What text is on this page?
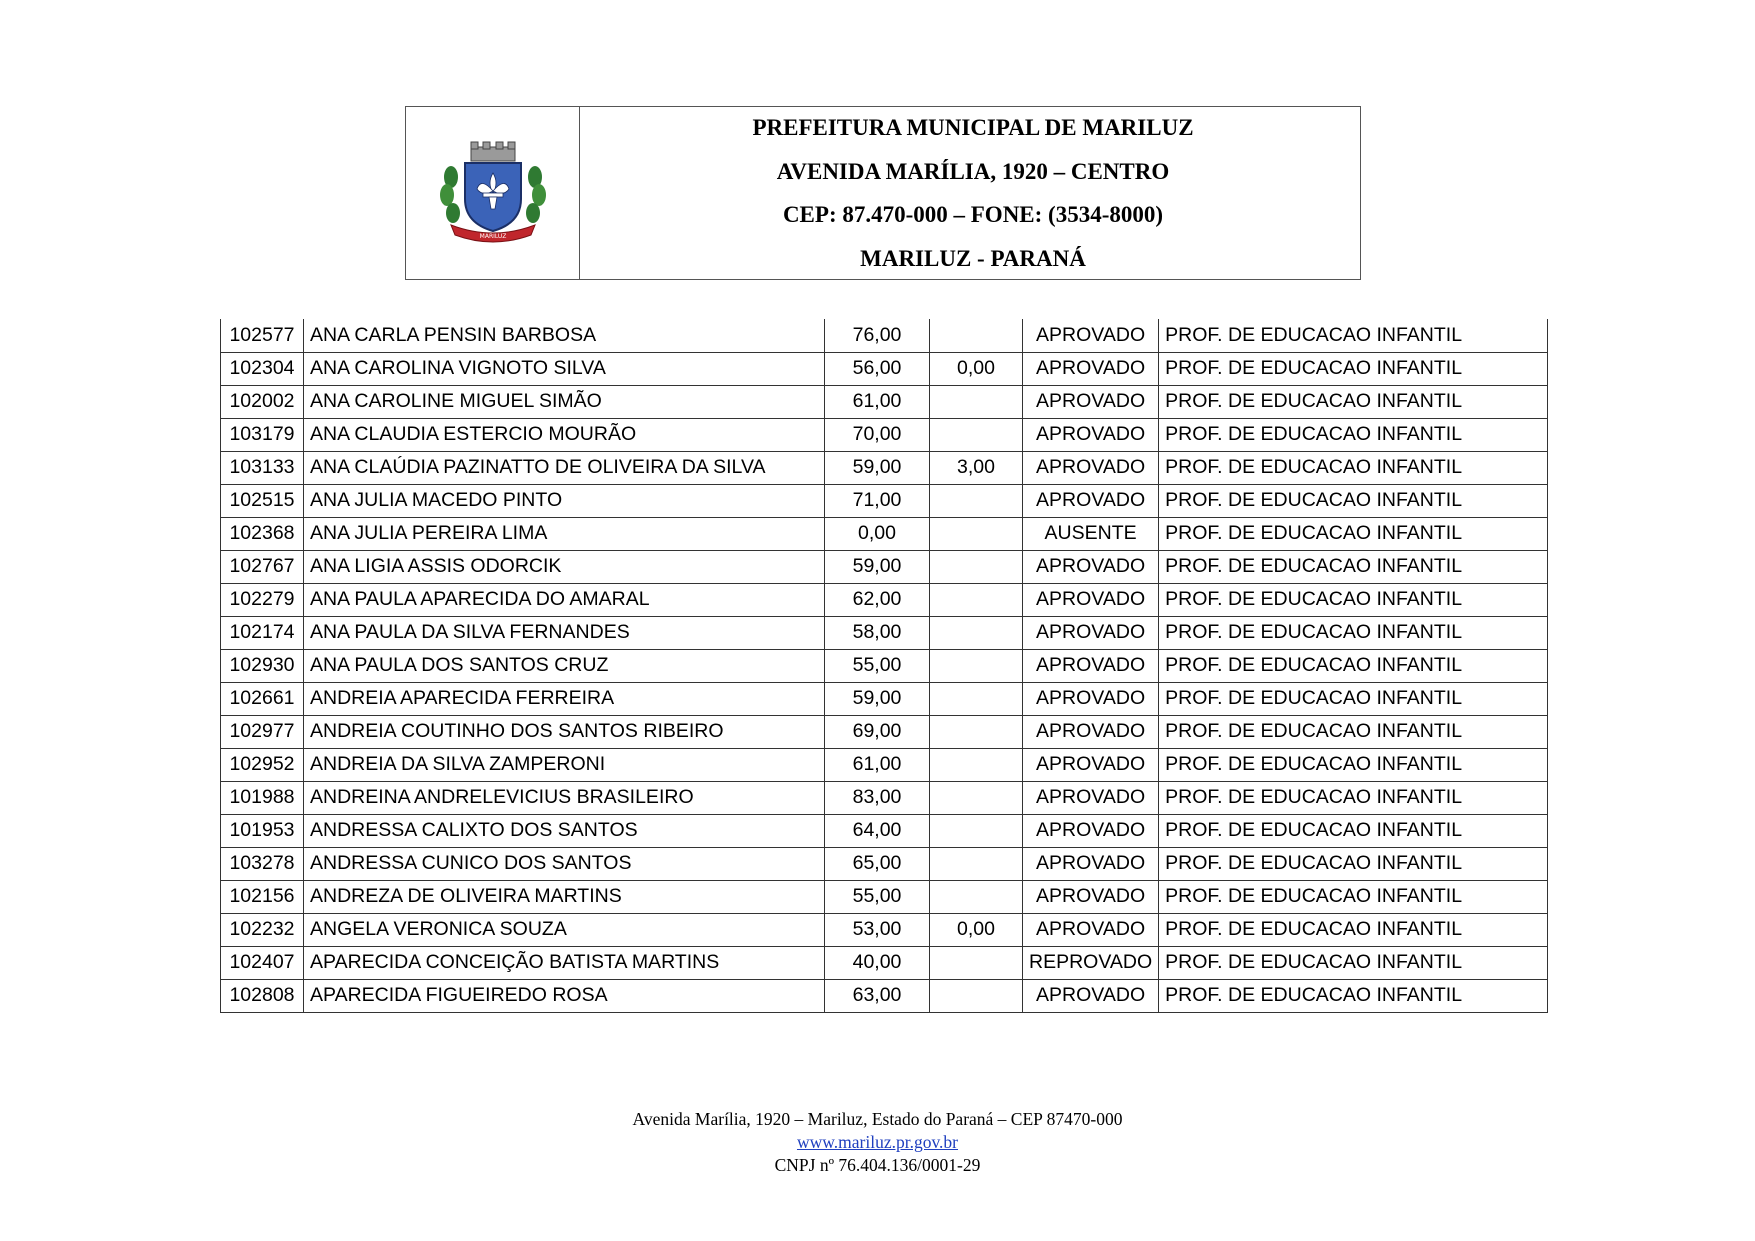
MARILUZ
PREFEITURA MUNICIPAL DE MARILUZ
AVENIDA MARÍLIA, 1920 – CENTRO
CEP: 87.470-000 – FONE: (3534-8000)
MARILUZ - PARANÁ
102577	ANA CARLA PENSIN BARBOSA	76,00		APROVADO	PROF. DE EDUCACAO INFANTIL
102304	ANA CAROLINA VIGNOTO SILVA	56,00	0,00	APROVADO	PROF. DE EDUCACAO INFANTIL
102002	ANA CAROLINE MIGUEL SIMÃO	61,00		APROVADO	PROF. DE EDUCACAO INFANTIL
103179	ANA CLAUDIA ESTERCIO MOURÃO	70,00		APROVADO	PROF. DE EDUCACAO INFANTIL
103133	ANA CLAÚDIA PAZINATTO DE OLIVEIRA DA SILVA	59,00	3,00	APROVADO	PROF. DE EDUCACAO INFANTIL
102515	ANA JULIA MACEDO PINTO	71,00		APROVADO	PROF. DE EDUCACAO INFANTIL
102368	ANA JULIA PEREIRA LIMA	0,00		AUSENTE	PROF. DE EDUCACAO INFANTIL
102767	ANA LIGIA ASSIS ODORCIK	59,00		APROVADO	PROF. DE EDUCACAO INFANTIL
102279	ANA PAULA APARECIDA DO AMARAL	62,00		APROVADO	PROF. DE EDUCACAO INFANTIL
102174	ANA PAULA DA SILVA FERNANDES	58,00		APROVADO	PROF. DE EDUCACAO INFANTIL
102930	ANA PAULA DOS SANTOS CRUZ	55,00		APROVADO	PROF. DE EDUCACAO INFANTIL
102661	ANDREIA APARECIDA FERREIRA	59,00		APROVADO	PROF. DE EDUCACAO INFANTIL
102977	ANDREIA COUTINHO DOS SANTOS RIBEIRO	69,00		APROVADO	PROF. DE EDUCACAO INFANTIL
102952	ANDREIA DA SILVA ZAMPERONI	61,00		APROVADO	PROF. DE EDUCACAO INFANTIL
101988	ANDREINA ANDRELEVICIUS BRASILEIRO	83,00		APROVADO	PROF. DE EDUCACAO INFANTIL
101953	ANDRESSA CALIXTO DOS SANTOS	64,00		APROVADO	PROF. DE EDUCACAO INFANTIL
103278	ANDRESSA CUNICO DOS SANTOS	65,00		APROVADO	PROF. DE EDUCACAO INFANTIL
102156	ANDREZA DE OLIVEIRA MARTINS	55,00		APROVADO	PROF. DE EDUCACAO INFANTIL
102232	ANGELA VERONICA SOUZA	53,00	0,00	APROVADO	PROF. DE EDUCACAO INFANTIL
102407	APARECIDA CONCEIÇÃO BATISTA MARTINS	40,00		REPROVADO	PROF. DE EDUCACAO INFANTIL
102808	APARECIDA FIGUEIREDO ROSA	63,00		APROVADO	PROF. DE EDUCACAO INFANTIL
Avenida Marília, 1920 – Mariluz, Estado do Paraná – CEP 87470-000
www.mariluz.pr.gov.br
CNPJ nº 76.404.136/0001-29
